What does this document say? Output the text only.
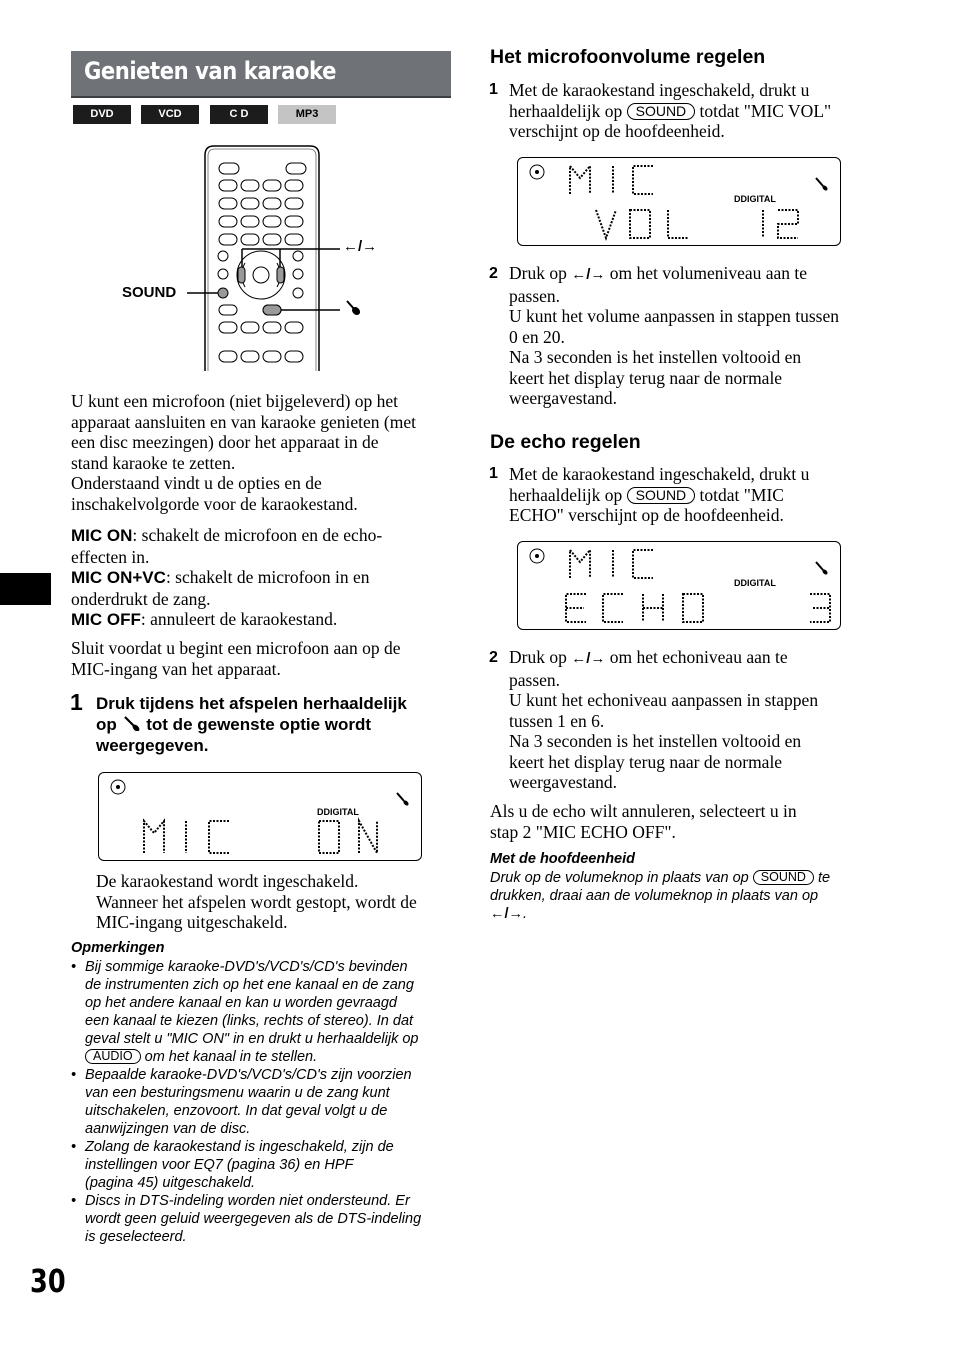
Genieten van karaoke
DVD	VCD	C D	MP3
SOUND
←/→
U kunt een microfoon (niet bijgeleverd) op het
apparaat aansluiten en van karaoke genieten (met
een disc meezingen) door het apparaat in de
stand karaoke te zetten.
Onderstaand vindt u de opties en de
inschakelvolgorde voor de karaokestand.
MIC ON: schakelt de microfoon en de echo-
effecten in.
MIC ON+VC: schakelt de microfoon in en
onderdrukt de zang.
MIC OFF: annuleert de karaokestand.
Sluit voordat u begint een microfoon aan op de
MIC-ingang van het apparaat.
1 Druk tijdens het afspelen herhaaldelijk
op tot de gewenste optie wordt
weergegeven.
DDIGITAL
De karaokestand wordt ingeschakeld.
Wanneer het afspelen wordt gestopt, wordt de
MIC-ingang uitgeschakeld.
Opmerkingen
• Bij sommige karaoke-DVD's/VCD's/CD's bevinden
de instrumenten zich op het ene kanaal en de zang
op het andere kanaal en kan u worden gevraagd
een kanaal te kiezen (links, rechts of stereo). In dat
geval stelt u "MIC ON" in en drukt u herhaaldelijk op
AUDIO om het kanaal in te stellen.
• Bepaalde karaoke-DVD's/VCD's/CD's zijn voorzien
van een besturingsmenu waarin u de zang kunt
uitschakelen, enzovoort. In dat geval volgt u de
aanwijzingen van de disc.
• Zolang de karaokestand is ingeschakeld, zijn de
instellingen voor EQ7 (pagina 36) en HPF
(pagina 45) uitgeschakeld.
• Discs in DTS-indeling worden niet ondersteund. Er
wordt geen geluid weergegeven als de DTS-indeling
is geselecteerd.
30
Het microfoonvolume regelen
1 Met de karaokestand ingeschakeld, drukt u
herhaaldelijk op SOUND totdat "MIC VOL"
verschijnt op de hoofdeenheid.
DDIGITAL
2 Druk op ←/→ om het volumeniveau aan te
passen.
U kunt het volume aanpassen in stappen tussen
0 en 20.
Na 3 seconden is het instellen voltooid en
keert het display terug naar de normale
weergavestand.
De echo regelen
1 Met de karaokestand ingeschakeld, drukt u
herhaaldelijk op SOUND totdat "MIC
ECHO" verschijnt op de hoofdeenheid.
DDIGITAL
2 Druk op ←/→ om het echoniveau aan te
passen.
U kunt het echoniveau aanpassen in stappen
tussen 1 en 6.
Na 3 seconden is het instellen voltooid en
keert het display terug naar de normale
weergavestand.
Als u de echo wilt annuleren, selecteert u in
stap 2 "MIC ECHO OFF".
Met de hoofdeenheid
Druk op de volumeknop in plaats van op SOUND te
drukken, draai aan de volumeknop in plaats van op
←/→.
